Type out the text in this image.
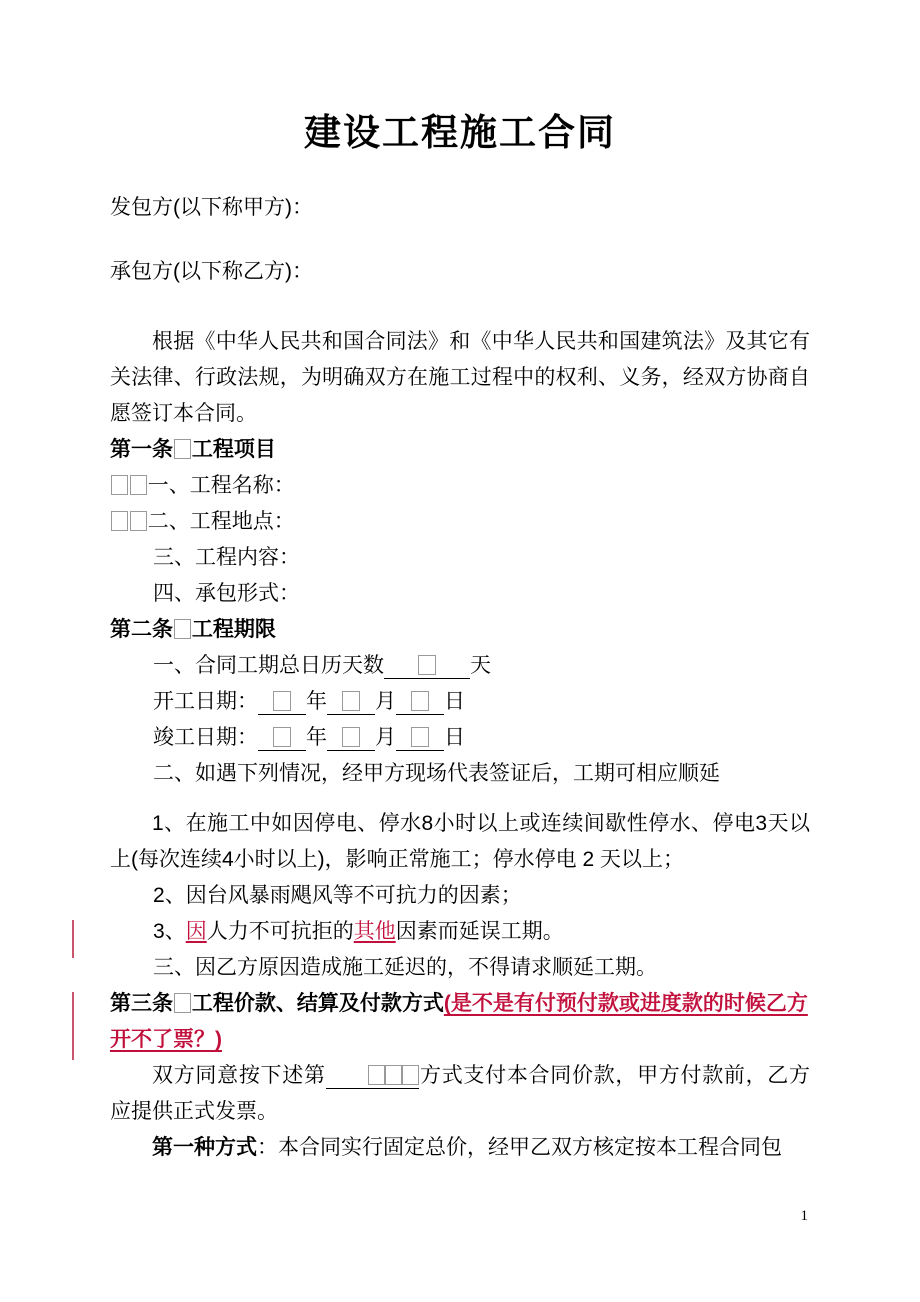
建设工程施工合同

发包方(以下称甲方)：

承包方(以下称乙方)：

根据《中华人民共和国合同法》和《中华人民共和国建筑法》及其它有关法律、行政法规，为明确双方在施工过程中的权利、义务，经双方协商自愿签订本合同。

第一条 工程项目

一、工程名称：

二、工程地点：

三、工程内容：

四、承包形式：

第二条 工程期限

一、合同工期总日历天数	天

开工日期： 年 月 日

竣工日期： 年 月 日

二、如遇下列情况，经甲方现场代表签证后，工期可相应顺延

1、在施工中如因停电、停水8小时以上或连续间歇性停水、停电3天以上(每次连续4小时以上)，影响正常施工；停水停电 2 天以上；

2、因台风暴雨飓风等不可抗力的因素；

3、因人力不可抗拒的其他因素而延误工期。

三、因乙方原因造成施工延迟的，不得请求顺延工期。

第三条 工程价款、结算及付款方式(是不是有付预付款或进度款的时候乙方开不了票？)

双方同意按下述第	方式支付本合同价款，甲方付款前，乙方应提供正式发票。

第一种方式：本合同实行固定总价，经甲乙双方核定按本工程合同包

1
